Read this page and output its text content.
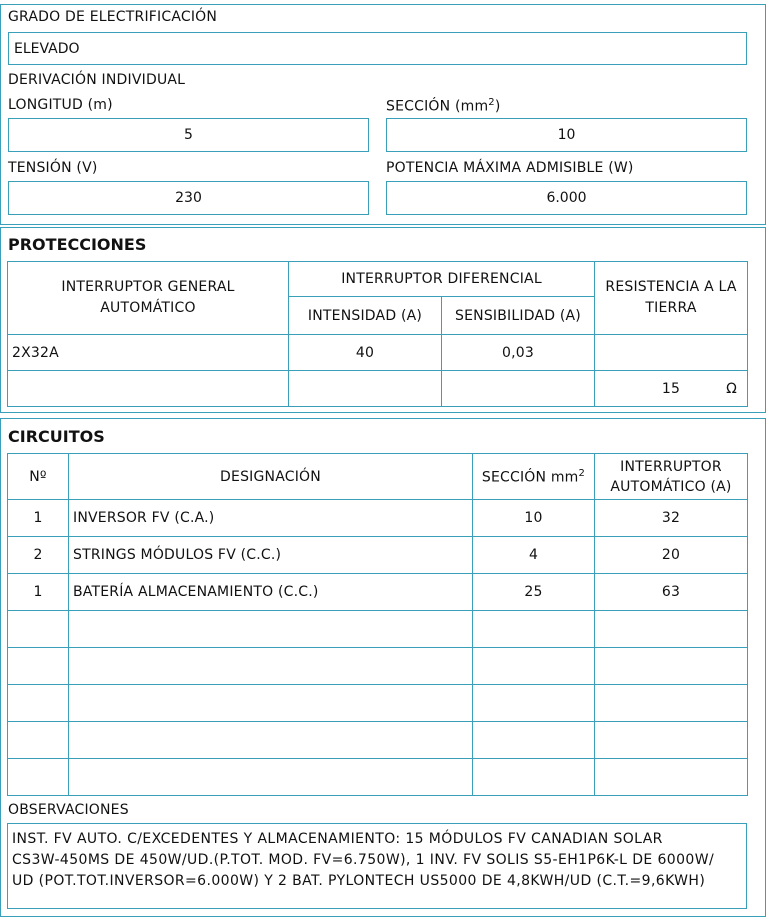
GRADO DE ELECTRIFICACIÓN
ELEVADO
DERIVACIÓN INDIVIDUAL
LONGITUD (m)	SECCIÓN $(mm^2)$
5	10
TENSIÓN (V)	POTENCIA MÁXIMA ADMISIBLE (W)
230	6.000
PROTECCIONES
INTERRUPTOR GENERAL AUTOMÁTICO	INTERRUPTOR DIFERENCIAL		RESISTENCIA A LA TIERRA
	INTENSIDAD (A)	SENSIBILIDAD (A)	
2X32A	40	0,03	
			15 Ω
CIRCUITOS
Nº	DESIGNACIÓN	SECCIÓN $mm^2$	INTERRUPTOR AUTOMÁTICO (A)
1	INVERSOR FV (C.A.)	10	32
2	STRINGS MÓDULOS FV (C.C.)	4	20
1	BATERÍA ALMACENAMIENTO (C.C.)	25	63

OBSERVACIONES
INST. FV AUTO. C/EXCEDENTES Y ALMACENAMIENTO: 15 MÓDULOS FV CANADIAN SOLAR
CS3W-450MS DE 450W/UD.(P.TOT. MOD. FV=6.750W), 1 INV. FV SOLIS S5-EH1P6K-L DE 6000W/
UD (POT.TOT.INVERSOR=6.000W) Y 2 BAT. PYLONTECH US5000 DE 4,8KWH/UD (C.T.=9,6KWH)
